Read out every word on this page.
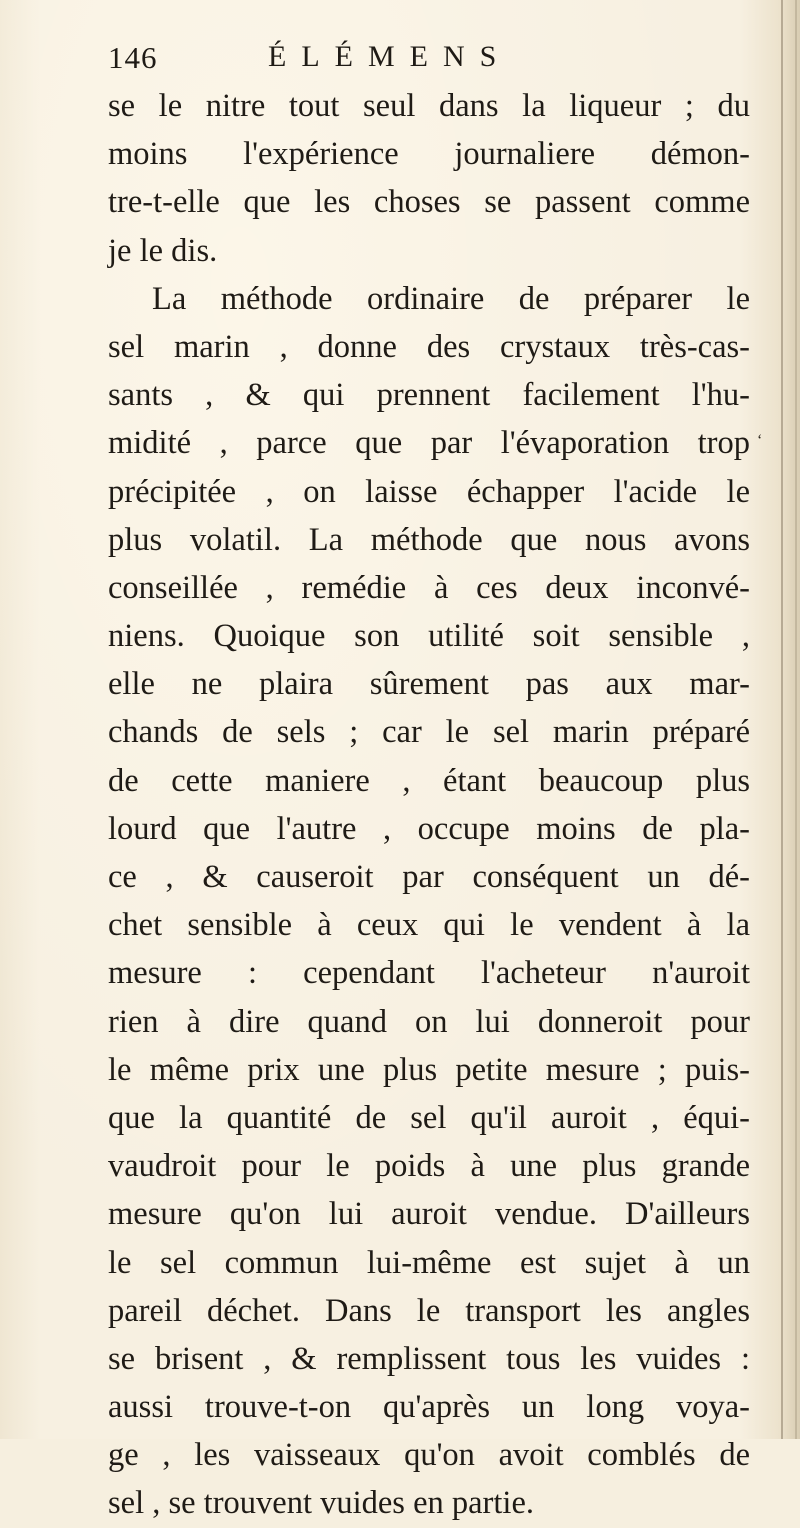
146	ÉLÉMENS
ʻ
se le nitre tout seul dans la liqueur ; du
moins l'expérience journaliere démon-
tre-t-elle que les choses se passent comme
je le dis.
La méthode ordinaire de préparer le
sel marin , donne des crystaux très-cas-
sants , & qui prennent facilement l'hu-
midité , parce que par l'évaporation trop
précipitée , on laisse échapper l'acide le
plus volatil. La méthode que nous avons
conseillée , remédie à ces deux inconvé-
niens. Quoique son utilité soit sensible ,
elle ne plaira sûrement pas aux mar-
chands de sels ; car le sel marin préparé
de cette maniere , étant beaucoup plus
lourd que l'autre , occupe moins de pla-
ce , & causeroit par conséquent un dé-
chet sensible à ceux qui le vendent à la
mesure : cependant l'acheteur n'auroit
rien à dire quand on lui donneroit pour
le même prix une plus petite mesure ; puis-
que la quantité de sel qu'il auroit , équi-
vaudroit pour le poids à une plus grande
mesure qu'on lui auroit vendue. D'ailleurs
le sel commun lui-même est sujet à un
pareil déchet. Dans le transport les angles
se brisent , & remplissent tous les vuides :
aussi trouve-t-on qu'après un long voya-
ge , les vaisseaux qu'on avoit comblés de
sel , se trouvent vuides en partie.
